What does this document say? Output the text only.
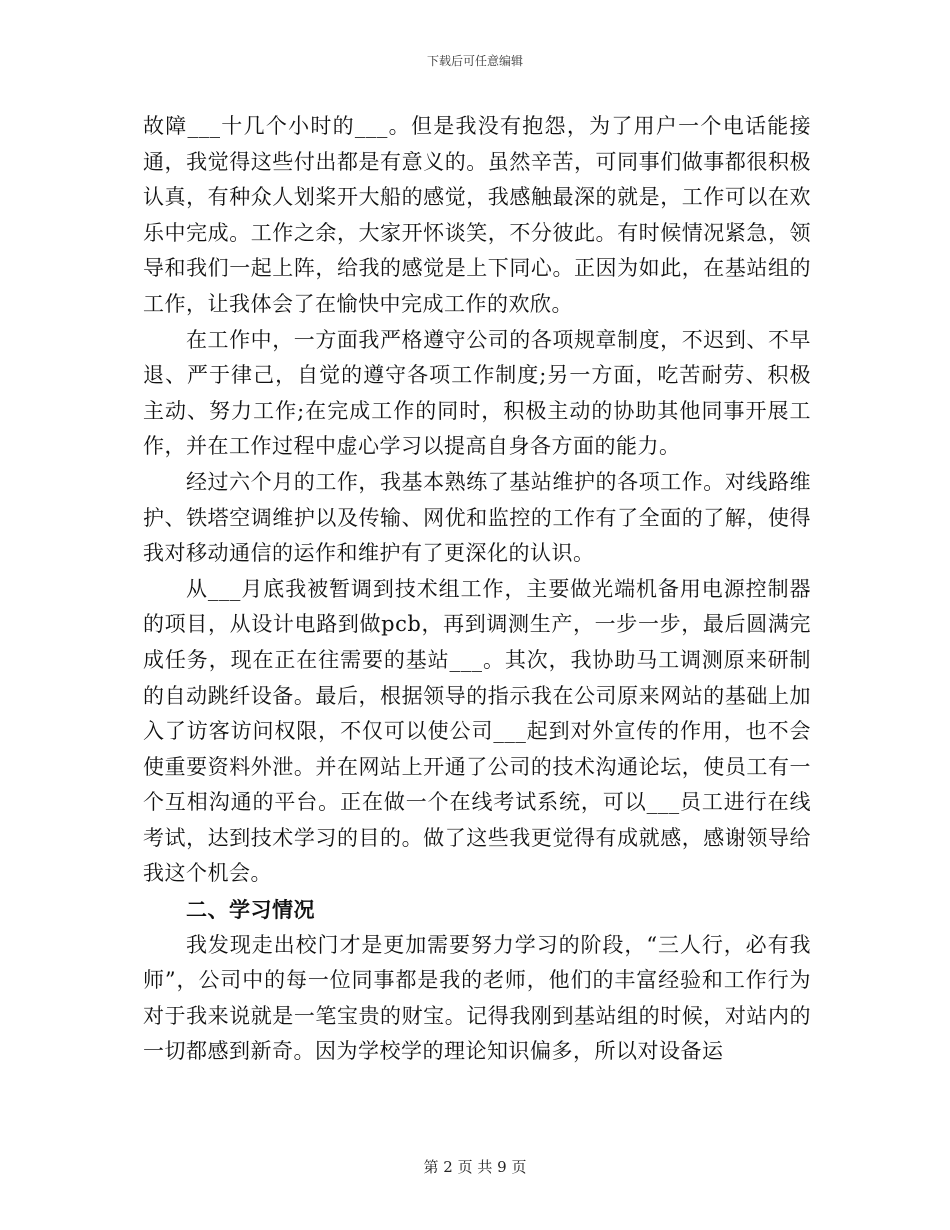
下载后可任意编辑

故障___十几个小时的___。但是我没有抱怨，为了用户一个电话能接通，我觉得这些付出都是有意义的。虽然辛苦，可同事们做事都很积极认真，有种众人划桨开大船的感觉，我感触最深的就是，工作可以在欢乐中完成。工作之余，大家开怀谈笑，不分彼此。有时候情况紧急，领导和我们一起上阵，给我的感觉是上下同心。正因为如此，在基站组的工作，让我体会了在愉快中完成工作的欢欣。

在工作中，一方面我严格遵守公司的各项规章制度，不迟到、不早退、严于律己，自觉的遵守各项工作制度;另一方面，吃苦耐劳、积极主动、努力工作;在完成工作的同时，积极主动的协助其他同事开展工作，并在工作过程中虚心学习以提高自身各方面的能力。

经过六个月的工作，我基本熟练了基站维护的各项工作。对线路维护、铁塔空调维护以及传输、网优和监控的工作有了全面的了解，使得我对移动通信的运作和维护有了更深化的认识。

从___月底我被暂调到技术组工作，主要做光端机备用电源控制器的项目，从设计电路到做pcb，再到调测生产，一步一步，最后圆满完成任务，现在正在往需要的基站___。其次，我协助马工调测原来研制的自动跳纤设备。最后，根据领导的指示我在公司原来网站的基础上加入了访客访问权限，不仅可以使公司___起到对外宣传的作用，也不会使重要资料外泄。并在网站上开通了公司的技术沟通论坛，使员工有一个互相沟通的平台。正在做一个在线考试系统，可以___员工进行在线考试，达到技术学习的目的。做了这些我更觉得有成就感，感谢领导给我这个机会。

二、学习情况

我发现走出校门才是更加需要努力学习的阶段，“三人行，必有我师”，公司中的每一位同事都是我的老师，他们的丰富经验和工作行为对于我来说就是一笔宝贵的财宝。记得我刚到基站组的时候，对站内的一切都感到新奇。因为学校学的理论知识偏多，所以对设备运

第 2 页 共 9 页
